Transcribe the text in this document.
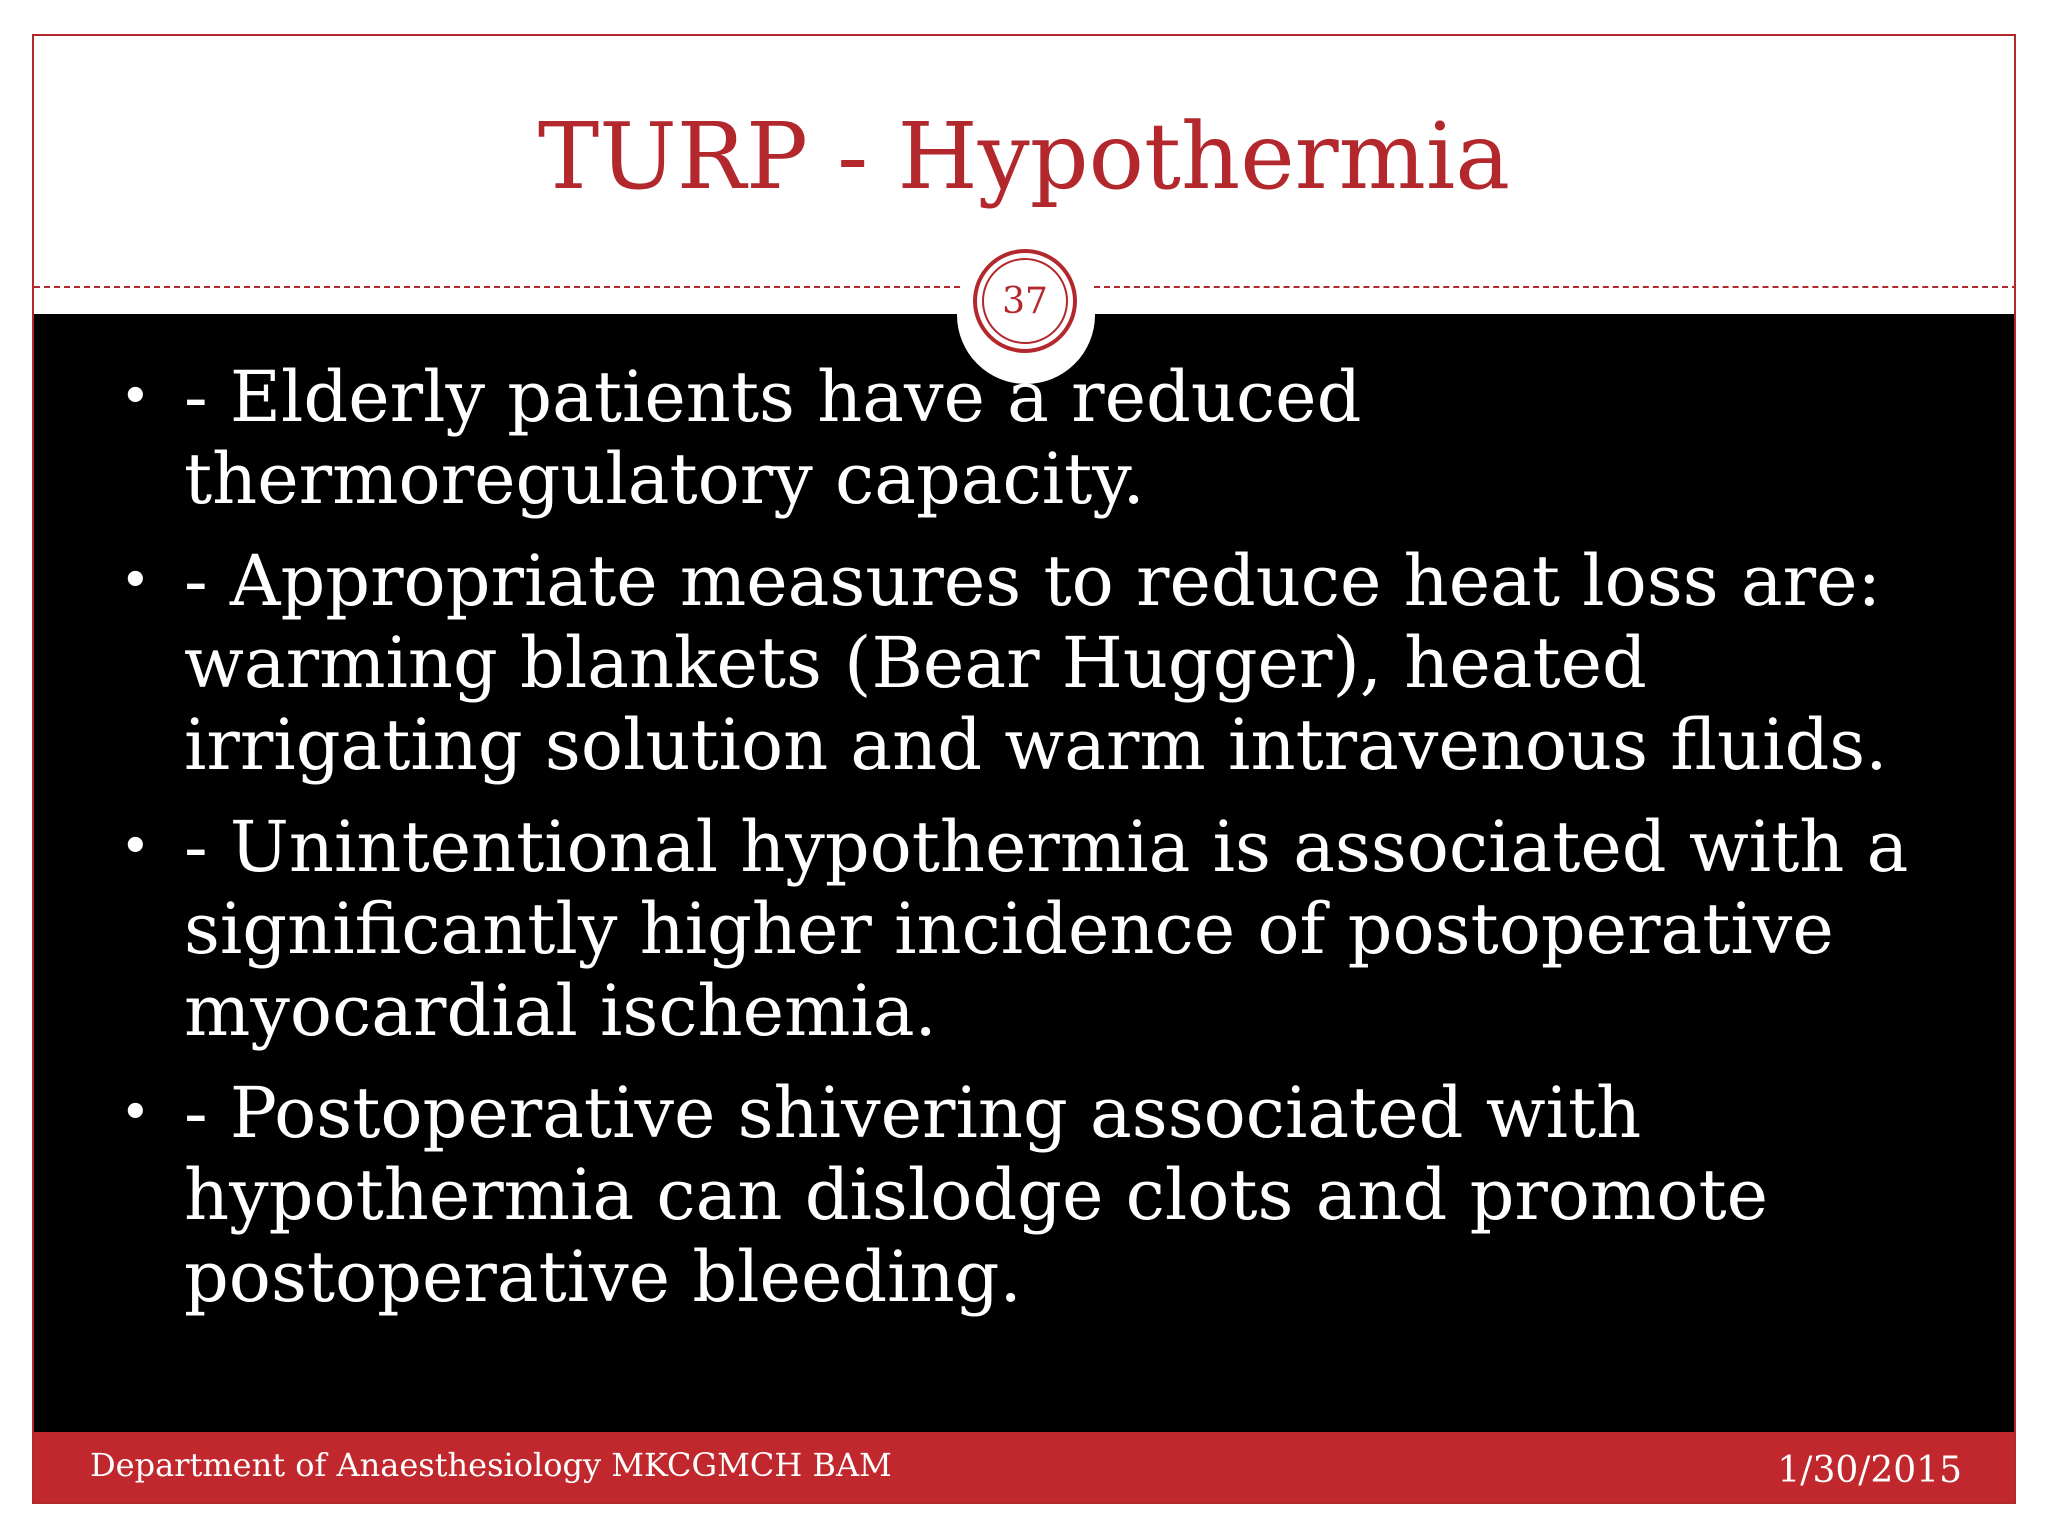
TURP - Hypothermia
37
• - Elderly patients have a reduced thermoregulatory capacity.
• - Appropriate measures to reduce heat loss are: warming blankets (Bear Hugger), heated irrigating solution and warm intravenous fluids.
• - Unintentional hypothermia is associated with a significantly higher incidence of postoperative myocardial ischemia.
• - Postoperative shivering associated with hypothermia can dislodge clots and promote postoperative bleeding.
Department of Anaesthesiology MKCGMCH BAM	1/30/2015
